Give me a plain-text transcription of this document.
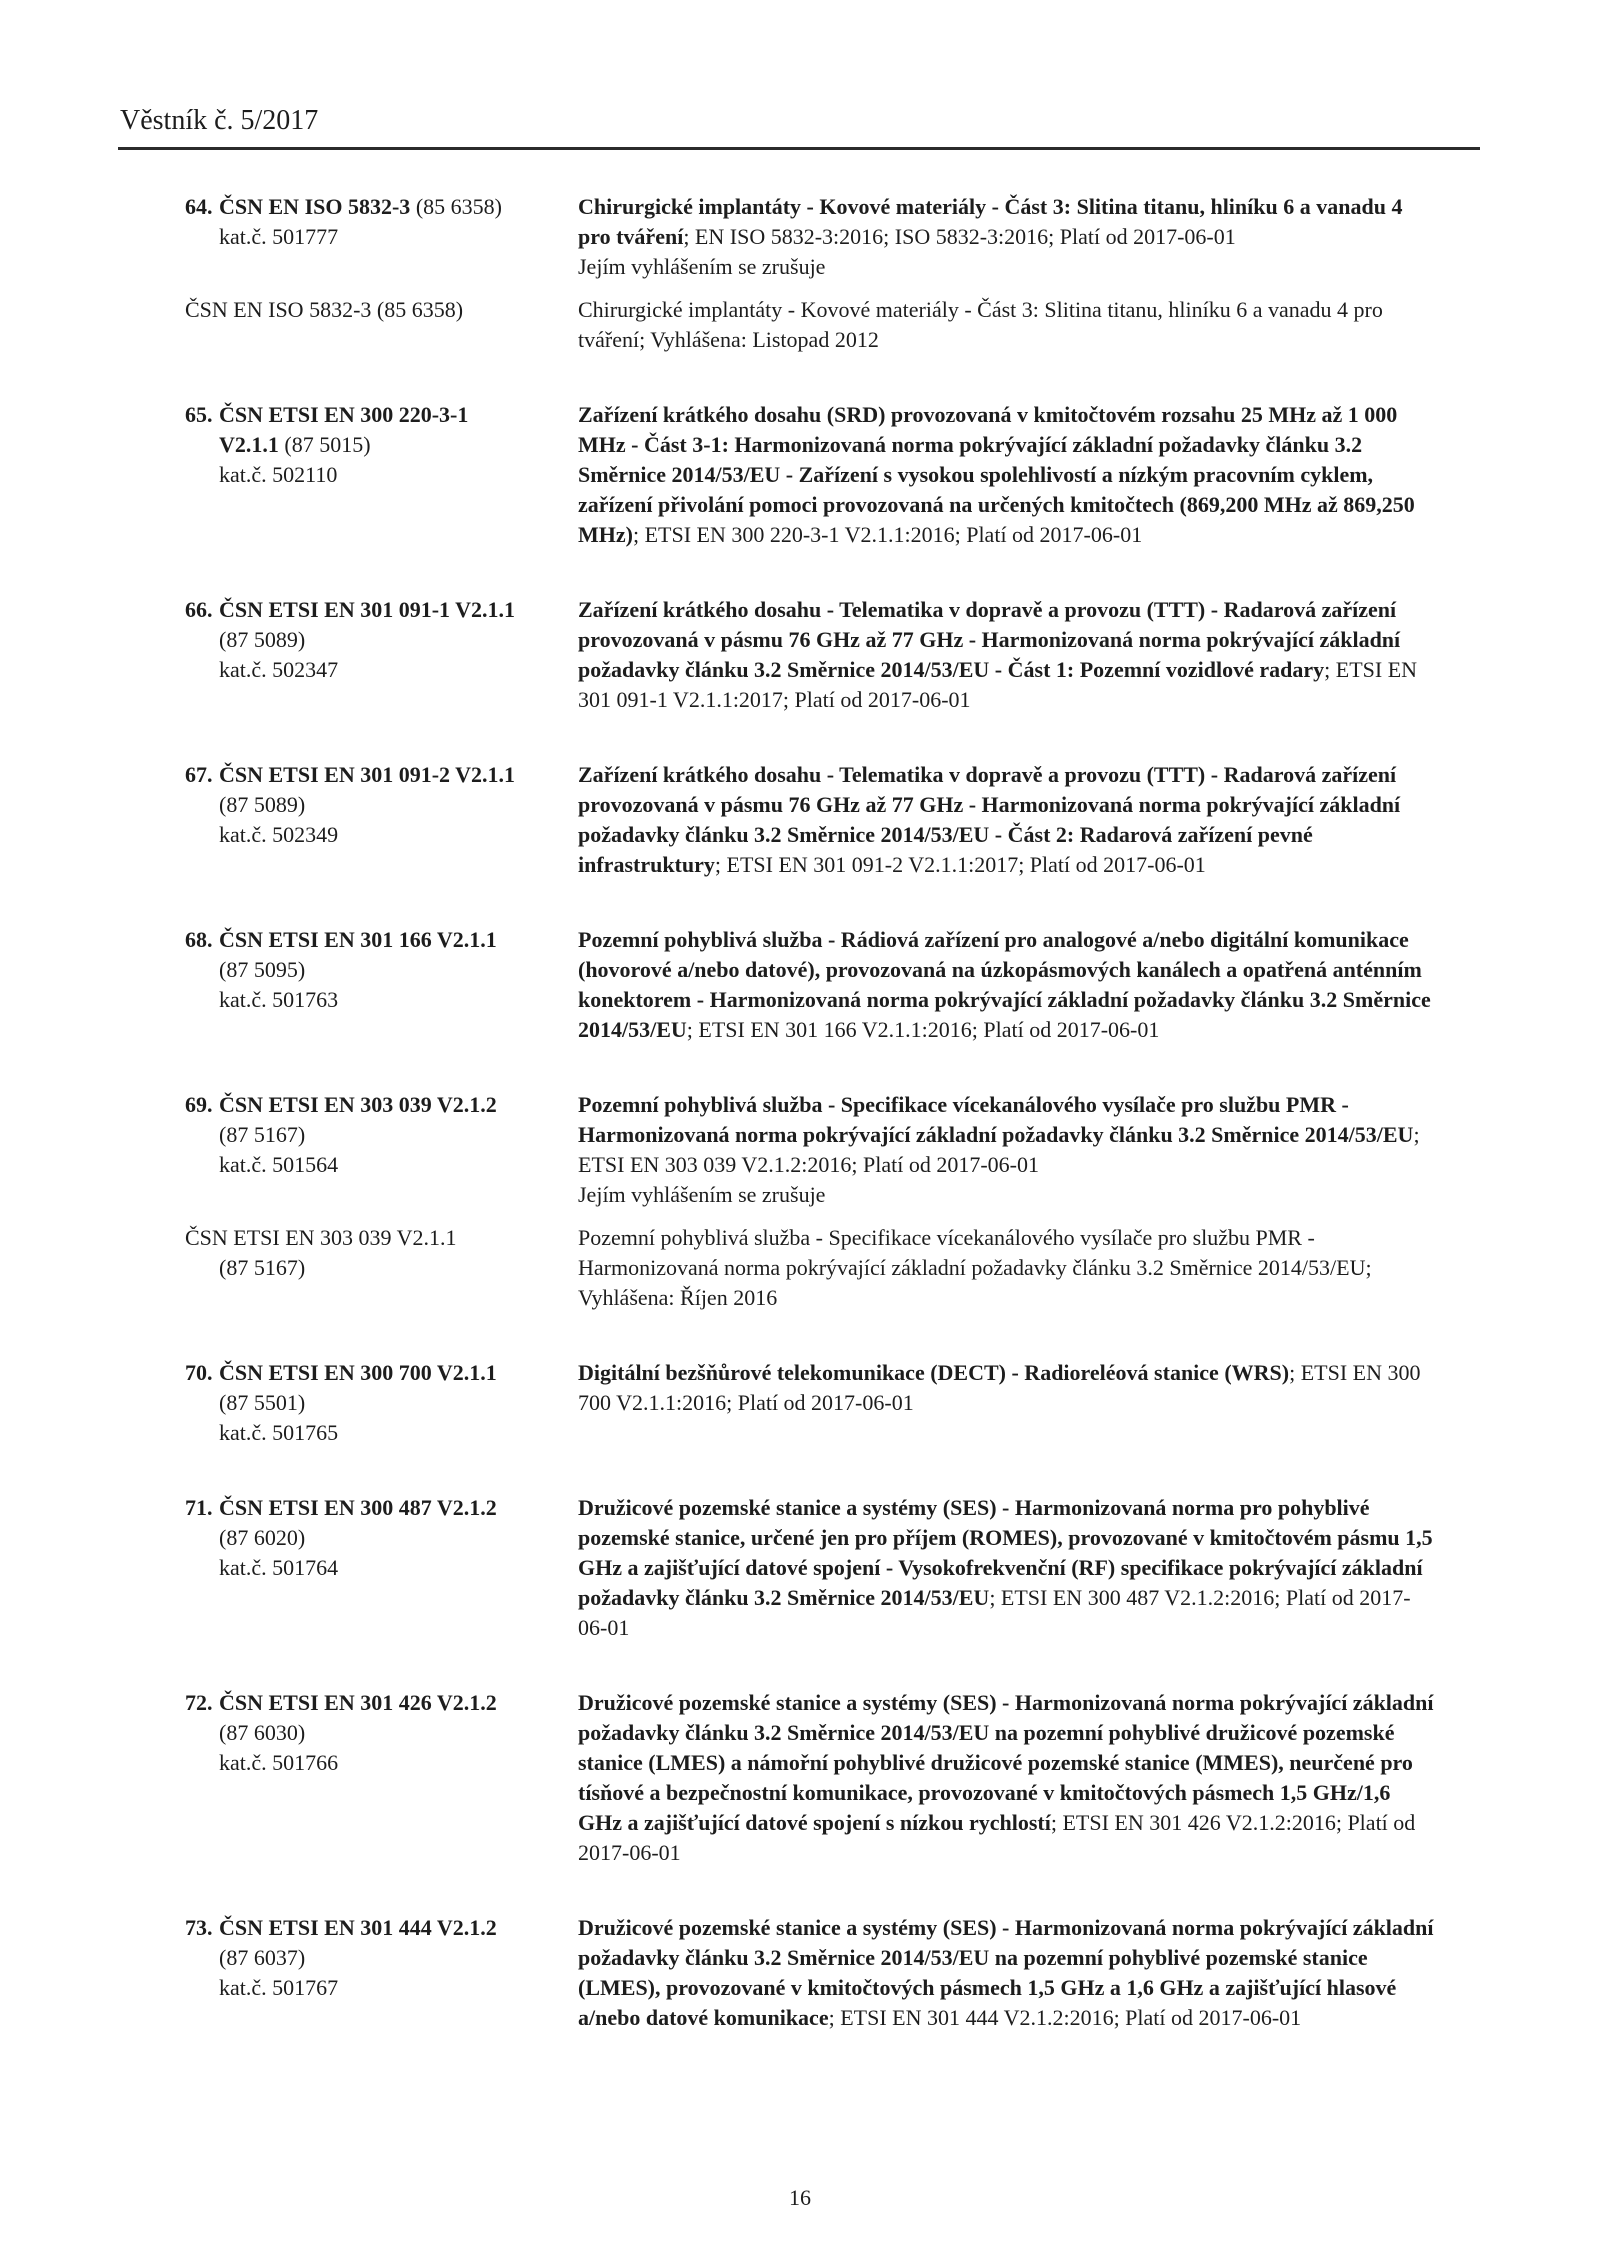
Věstník č. 5/2017
64. ČSN EN ISO 5832-3 (85 6358)
kat.č. 501777

Chirurgické implantáty - Kovové materiály - Část 3: Slitina titanu, hliníku 6 a vanadu 4 pro tváření; EN ISO 5832-3:2016; ISO 5832-3:2016; Platí od 2017-06-01

Jejím vyhlášením se zrušuje
ČSN EN ISO 5832-3 (85 6358)	Chirurgické implantáty - Kovové materiály - Část 3: Slitina titanu, hliníku 6 a vanadu 4 pro tváření; Vyhlášena: Listopad 2012

65. ČSN ETSI EN 300 220-3-1
V2.1.1 (87 5015)
kat.č. 502110

Zařízení krátkého dosahu (SRD) provozovaná v kmitočtovém rozsahu 25 MHz až 1 000 MHz - Část 3-1: Harmonizovaná norma pokrývající základní požadavky článku 3.2 Směrnice 2014/53/EU - Zařízení s vysokou spolehlivostí a nízkým pracovním cyklem, zařízení přivolání pomoci provozovaná na určených kmitočtech (869,200 MHz až 869,250 MHz); ETSI EN 300 220-3-1 V2.1.1:2016; Platí od 2017-06-01

66. ČSN ETSI EN 301 091-1 V2.1.1
(87 5089)
kat.č. 502347

Zařízení krátkého dosahu - Telematika v dopravě a provozu (TTT) - Radarová zařízení provozovaná v pásmu 76 GHz až 77 GHz - Harmonizovaná norma pokrývající základní požadavky článku 3.2 Směrnice 2014/53/EU - Část 1: Pozemní vozidlové radary; ETSI EN 301 091-1 V2.1.1:2017; Platí od 2017-06-01

67. ČSN ETSI EN 301 091-2 V2.1.1
(87 5089)
kat.č. 502349

Zařízení krátkého dosahu - Telematika v dopravě a provozu (TTT) - Radarová zařízení provozovaná v pásmu 76 GHz až 77 GHz - Harmonizovaná norma pokrývající základní požadavky článku 3.2 Směrnice 2014/53/EU - Část 2: Radarová zařízení pevné infrastruktury; ETSI EN 301 091-2 V2.1.1:2017; Platí od 2017-06-01

68. ČSN ETSI EN 301 166 V2.1.1
(87 5095)
kat.č. 501763

Pozemní pohyblivá služba - Rádiová zařízení pro analogové a/nebo digitální komunikace (hovorové a/nebo datové), provozovaná na úzkopásmových kanálech a opatřená anténním konektorem - Harmonizovaná norma pokrývající základní požadavky článku 3.2 Směrnice 2014/53/EU; ETSI EN 301 166 V2.1.1:2016; Platí od 2017-06-01

69. ČSN ETSI EN 303 039 V2.1.2
(87 5167)
kat.č. 501564

Pozemní pohyblivá služba - Specifikace vícekanálového vysílače pro službu PMR - Harmonizovaná norma pokrývající základní požadavky článku 3.2 Směrnice 2014/53/EU; ETSI EN 303 039 V2.1.2:2016; Platí od 2017-06-01

Jejím vyhlášením se zrušuje
ČSN ETSI EN 303 039 V2.1.1
(87 5167)

Pozemní pohyblivá služba - Specifikace vícekanálového vysílače pro službu PMR - Harmonizovaná norma pokrývající základní požadavky článku 3.2 Směrnice 2014/53/EU; Vyhlášena: Říjen 2016

70. ČSN ETSI EN 300 700 V2.1.1
(87 5501)
kat.č. 501765

Digitální bezšňůrové telekomunikace (DECT) - Radioreléová stanice (WRS); ETSI EN 300 700 V2.1.1:2016; Platí od 2017-06-01

71. ČSN ETSI EN 300 487 V2.1.2
(87 6020)
kat.č. 501764

Družicové pozemské stanice a systémy (SES) - Harmonizovaná norma pro pohyblivé pozemské stanice, určené jen pro příjem (ROMES), provozované v kmitočtovém pásmu 1,5 GHz a zajišťující datové spojení - Vysokofrekvenční (RF) specifikace pokrývající základní požadavky článku 3.2 Směrnice 2014/53/EU; ETSI EN 300 487 V2.1.2:2016; Platí od 2017-06-01

72. ČSN ETSI EN 301 426 V2.1.2
(87 6030)
kat.č. 501766

Družicové pozemské stanice a systémy (SES) - Harmonizovaná norma pokrývající základní požadavky článku 3.2 Směrnice 2014/53/EU na pozemní pohyblivé družicové pozemské stanice (LMES) a námořní pohyblivé družicové pozemské stanice (MMES), neurčené pro tísňové a bezpečnostní komunikace, provozované v kmitočtových pásmech 1,5 GHz/1,6 GHz a zajišťující datové spojení s nízkou rychlostí; ETSI EN 301 426 V2.1.2:2016; Platí od 2017-06-01

73. ČSN ETSI EN 301 444 V2.1.2
(87 6037)
kat.č. 501767

Družicové pozemské stanice a systémy (SES) - Harmonizovaná norma pokrývající základní požadavky článku 3.2 Směrnice 2014/53/EU na pozemní pohyblivé pozemské stanice (LMES), provozované v kmitočtových pásmech 1,5 GHz a 1,6 GHz a zajišťující hlasové a/nebo datové komunikace; ETSI EN 301 444 V2.1.2:2016; Platí od 2017-06-01

16
